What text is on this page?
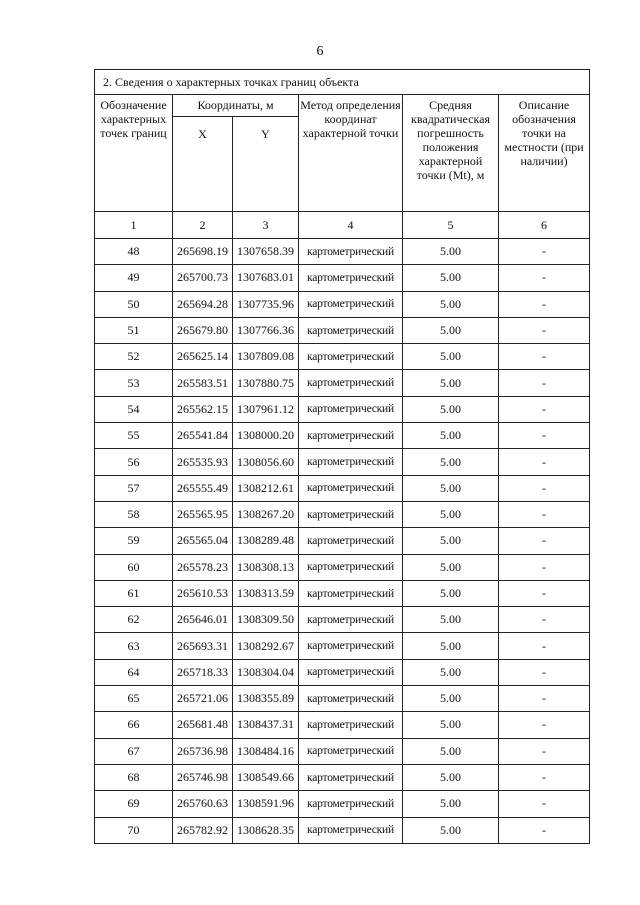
6
2. Сведения о характерных точках границ объекта					
Обозначение характерных точек границ	Координаты, м		Метод определения координат характерной точки	Средняя квадратическая погрешность положения характерной точки (Mt), м	Описание обозначения точки на местности (при наличии)
	X	Y			
1	2	3	4	5	6
48	265698.19	1307658.39	картометрический	5.00	-
49	265700.73	1307683.01	картометрический	5.00	-
50	265694.28	1307735.96	картометрический	5.00	-
51	265679.80	1307766.36	картометрический	5.00	-
52	265625.14	1307809.08	картометрический	5.00	-
53	265583.51	1307880.75	картометрический	5.00	-
54	265562.15	1307961.12	картометрический	5.00	-
55	265541.84	1308000.20	картометрический	5.00	-
56	265535.93	1308056.60	картометрический	5.00	-
57	265555.49	1308212.61	картометрический	5.00	-
58	265565.95	1308267.20	картометрический	5.00	-
59	265565.04	1308289.48	картометрический	5.00	-
60	265578.23	1308308.13	картометрический	5.00	-
61	265610.53	1308313.59	картометрический	5.00	-
62	265646.01	1308309.50	картометрический	5.00	-
63	265693.31	1308292.67	картометрический	5.00	-
64	265718.33	1308304.04	картометрический	5.00	-
65	265721.06	1308355.89	картометрический	5.00	-
66	265681.48	1308437.31	картометрический	5.00	-
67	265736.98	1308484.16	картометрический	5.00	-
68	265746.98	1308549.66	картометрический	5.00	-
69	265760.63	1308591.96	картометрический	5.00	-
70	265782.92	1308628.35	картометрический	5.00	-
